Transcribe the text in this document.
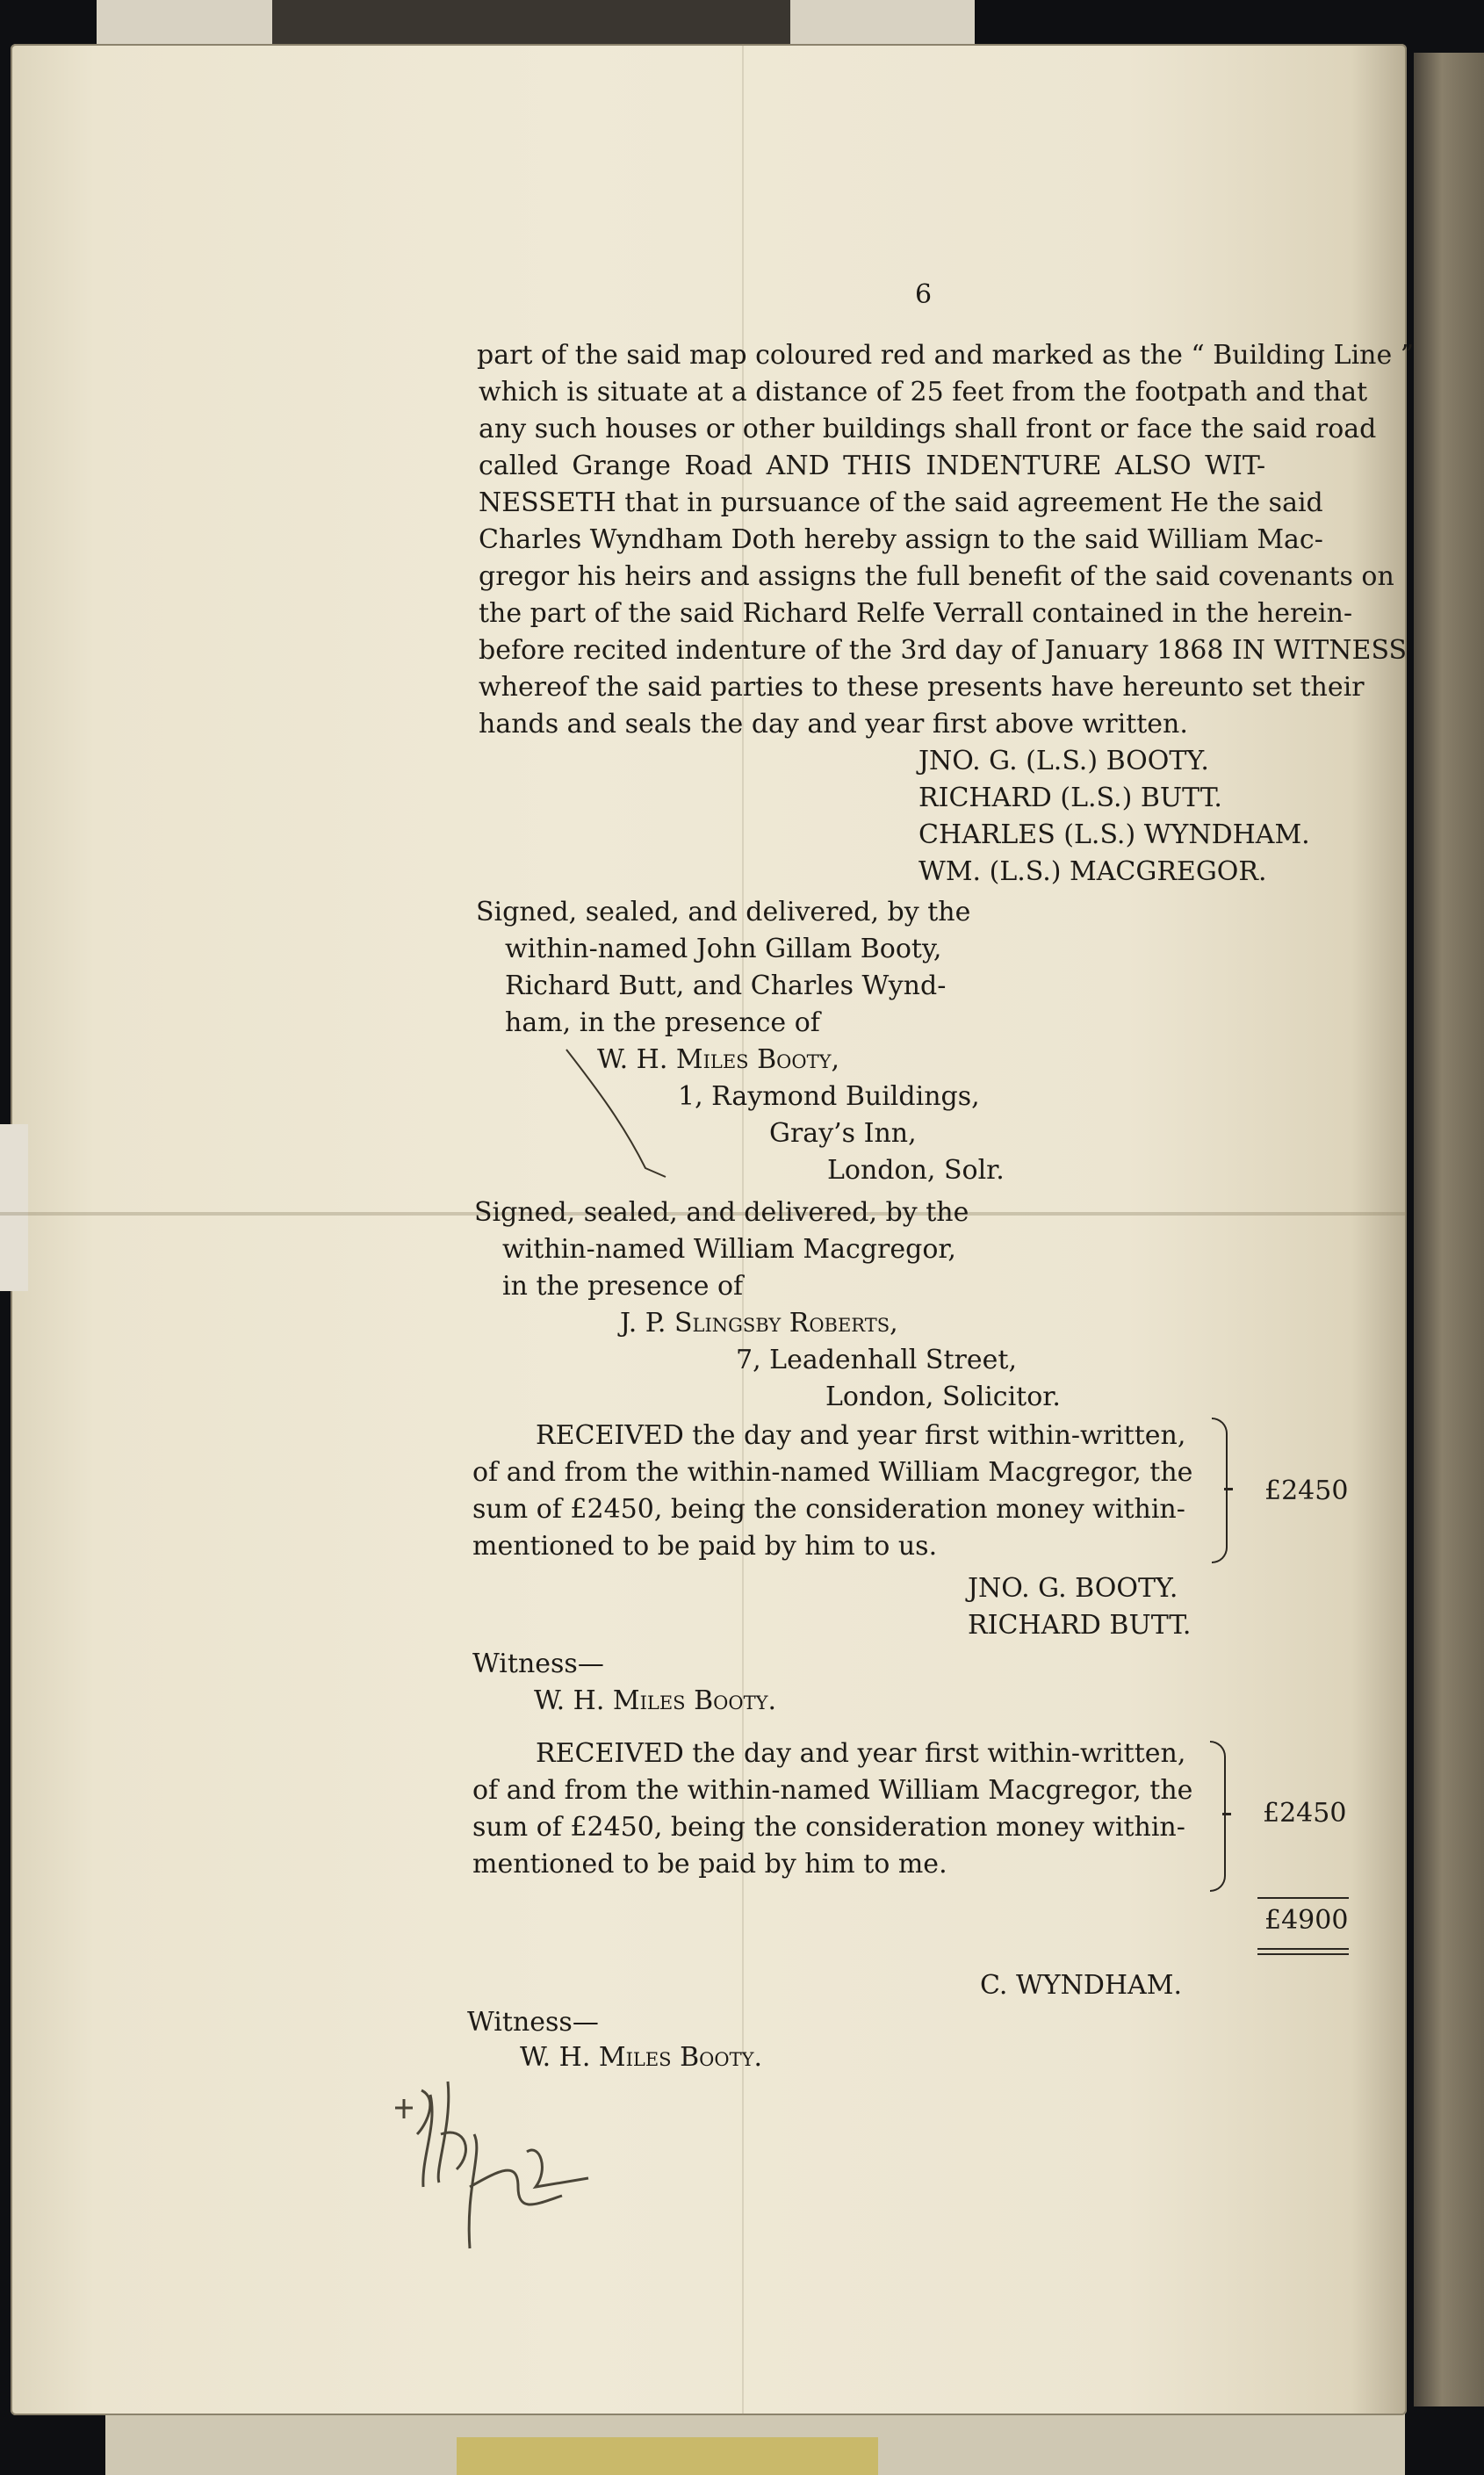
6
part of the said map coloured red and marked as the “ Building Line ”
which is situate at a distance of 25 feet from the footpath and that
any such houses or other buildings shall front or face the said road
called Grange Road AND THIS INDENTURE ALSO WIT-
NESSETH that in pursuance of the said agreement He the said
Charles Wyndham Doth hereby assign to the said William Mac-
gregor his heirs and assigns the full benefit of the said covenants on
the part of the said Richard Relfe Verrall contained in the herein-
before recited indenture of the 3rd day of January 1868 IN WITNESS
whereof the said parties to these presents have hereunto set their
hands and seals the day and year first above written.
JNO. G. (L.S.) BOOTY.
RICHARD (L.S.) BUTT.
CHARLES (L.S.) WYNDHAM.
WM. (L.S.) MACGREGOR.
Signed, sealed, and delivered, by the
within-named John Gillam Booty,
Richard Butt, and Charles Wynd-
ham, in the presence of
W. H. Miles Booty,
1, Raymond Buildings,
Gray’s Inn,
London, Solr.
Signed, sealed, and delivered, by the
within-named William Macgregor,
in the presence of
J. P. Slingsby Roberts,
7, Leadenhall Street,
London, Solicitor.
RECEIVED the day and year first within-written,
of and from the within-named William Macgregor, the
sum of £2450, being the consideration money within-
mentioned to be paid by him to us.
£2450
JNO. G. BOOTY.
RICHARD BUTT.
Witness—
W. H. Miles Booty.
RECEIVED the day and year first within-written,
of and from the within-named William Macgregor, the
sum of £2450, being the consideration money within-
mentioned to be paid by him to me.
£2450
£4900
C. WYNDHAM.
Witness—
W. H. Miles Booty.
